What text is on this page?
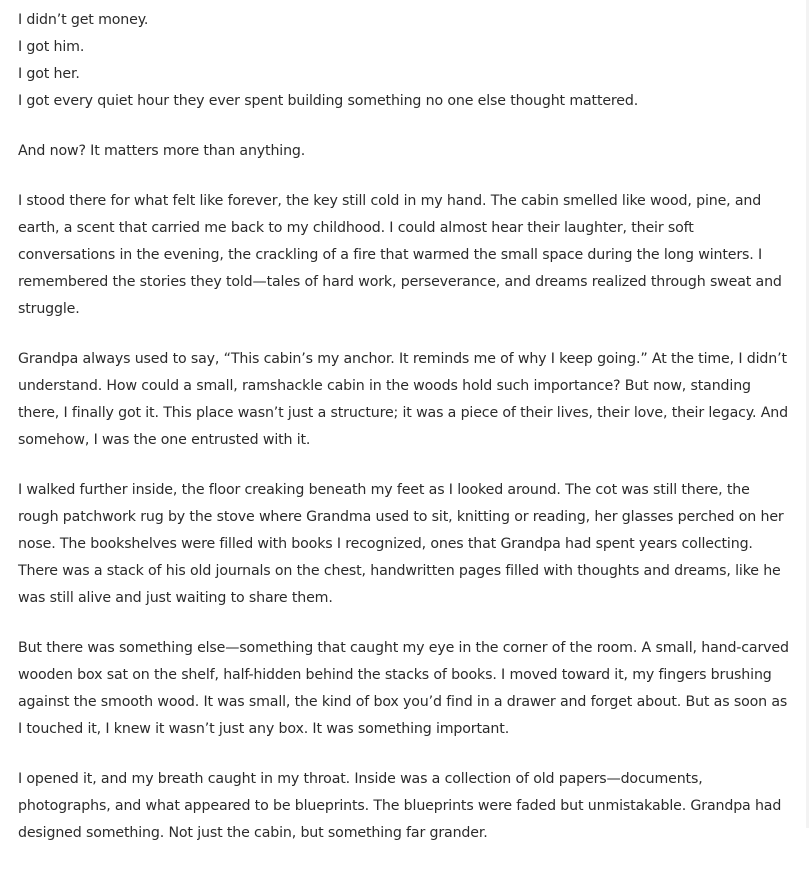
I didn’t get money.

I got him.

I got her.

I got every quiet hour they ever spent building something no one else thought mattered.

And now? It matters more than anything.

I stood there for what felt like forever, the key still cold in my hand. The cabin smelled like wood, pine, and earth, a scent that carried me back to my childhood. I could almost hear their laughter, their soft conversations in the evening, the crackling of a fire that warmed the small space during the long winters. I remembered the stories they told—tales of hard work, perseverance, and dreams realized through sweat and struggle.

Grandpa always used to say, “This cabin’s my anchor. It reminds me of why I keep going.” At the time, I didn’t understand. How could a small, ramshackle cabin in the woods hold such importance? But now, standing there, I finally got it. This place wasn’t just a structure; it was a piece of their lives, their love, their legacy. And somehow, I was the one entrusted with it.

I walked further inside, the floor creaking beneath my feet as I looked around. The cot was still there, the rough patchwork rug by the stove where Grandma used to sit, knitting or reading, her glasses perched on her nose. The bookshelves were filled with books I recognized, ones that Grandpa had spent years collecting. There was a stack of his old journals on the chest, handwritten pages filled with thoughts and dreams, like he was still alive and just waiting to share them.

But there was something else—something that caught my eye in the corner of the room. A small, hand-carved wooden box sat on the shelf, half-hidden behind the stacks of books. I moved toward it, my fingers brushing against the smooth wood. It was small, the kind of box you’d find in a drawer and forget about. But as soon as I touched it, I knew it wasn’t just any box. It was something important.

I opened it, and my breath caught in my throat. Inside was a collection of old papers—documents, photographs, and what appeared to be blueprints. The blueprints were faded but unmistakable. Grandpa had designed something. Not just the cabin, but something far grander.
